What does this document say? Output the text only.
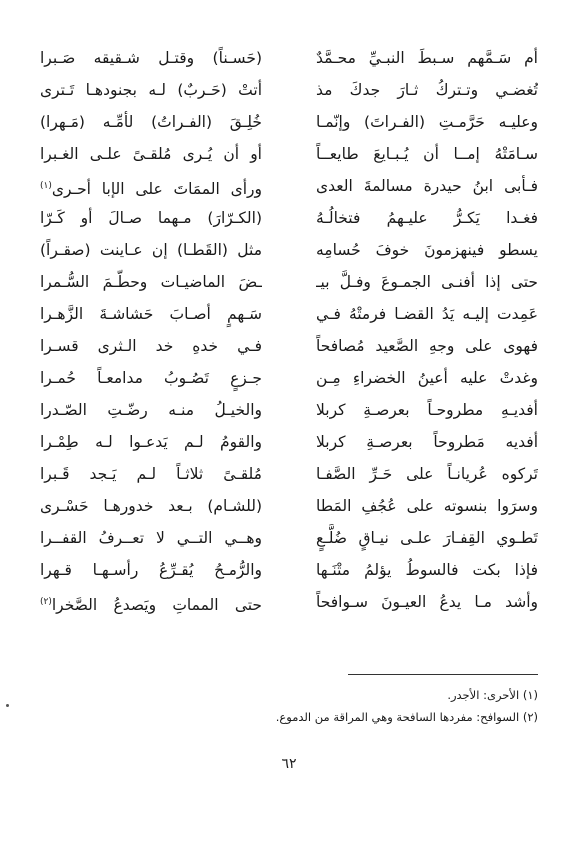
أم سَـمَّهم سـبطَ النبـيِّ محـمَّدٌ
(حَسـناً) وقتـل شـقيقه صَـبرا
تُغضـي وتـتركُ ثـارَ جدكَ مذ
أتتْ (حَـربٌ) لـه بجنودهـا تَـترى
وعليـه حَرَّمـتِ (الفـراتَ) وإنّمـا
خُلِـقَ (الفـراتُ) لأمِّـه (مَـهرا)
سـامَتْهُ إمــا أن يُـبـايعَ طايعــاً
أو أن يُـرى مُلقـىً علـى الغـبرا
فـأبى ابنُ حيدرة مسالمةَ العدى
ورأى الممَاتَ على الإبا أحـرى$^{(١)}$
فغـدا يَكـرُّ عليـهمُ فتخالُـهُ
(الكـرّارَ) مـهما صـالَ أو كَـرّا
يسطو فينهزمونَ خوفَ حُسامِه
مثل (القَطـا) إن عـاينت (صقـراً)
حتى إذا أفنـى الجمـوعَ وفـلَّ بيـ
ـضَ الماضيـات وحطّـمَ السُّـمرا
عَمِدت إليـه يَدُ القضـا فرمتْهُ فـي
سَـهمٍ أصـابَ حَشاشـةَ الزَّهـرا
فهوى على وجهِ الصَّعيد مُصافحاً
فـي خدهِ خد الـثرى قسـرا
وغدتْ عليه أعينُ الخضراءِ مِـن
جـزعٍ تَصُـوبُ مدامعـاً حُمـرا
أفديـهِ مطروحـاً بعرصـةِ كربلا
والخيـلُ منـه رضّـتِ الصّـدرا
أفديه مَطروحاً بعرصـةِ كربلا
والقومُ لـم يَدعـوا لـه طِمْـرا
تَركوه عُريانـاً على حَـرِّ الصَّفـا
مُلقـىً ثلاثـاً لـم يَـجد قَـبرا
وسرَوا بنسوته على عُجُفِ المَطا
(للشـام) بـعد خدورهـا حَسْـرى
تَطـوي القِفـارَ علـى نيـاقٍ ضُلَّـعٍ
وهــي التــي لا تعــرفُ القفــرا
فإذا بكت فالسوطُ يؤلمُ متْنَـها
والرُّمـحُ يُقـرِّعُ رأسـهـا قـهرا
وأشد مـا يدعُ العيـونَ سـوافحاً
حتى المماتِ ويَصدعُ الصَّخرا$^{(٢)}$
(١) الأحرى: الأجدر.
(٢) السوافح: مفردها السافحة وهي المراقة من الدموع.
٦٢
